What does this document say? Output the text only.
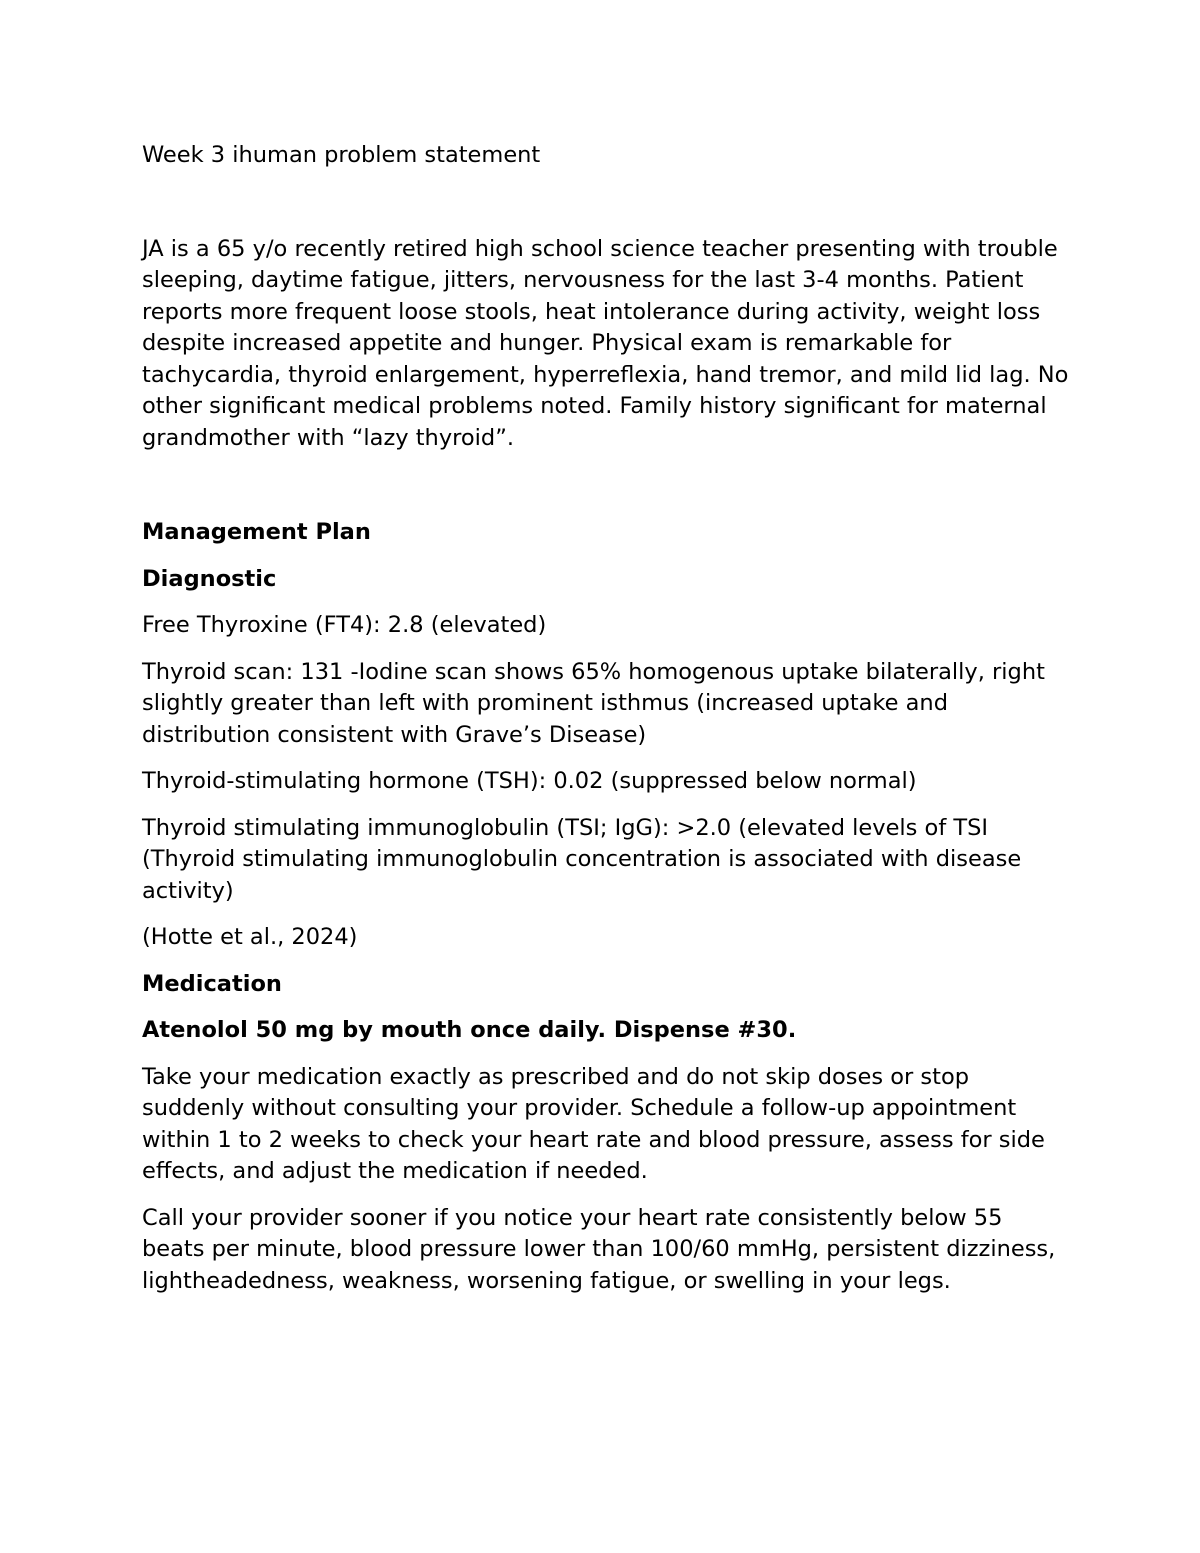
Week 3 ihuman problem statement

JA is a 65 y/o recently retired high school science teacher presenting with trouble sleeping, daytime fatigue, jitters, nervousness for the last 3-4 months. Patient reports more frequent loose stools, heat intolerance during activity, weight loss despite increased appetite and hunger. Physical exam is remarkable for tachycardia, thyroid enlargement, hyperreflexia, hand tremor, and mild lid lag. No other significant medical problems noted. Family history significant for maternal grandmother with “lazy thyroid”.

Management Plan

Diagnostic

Free Thyroxine (FT4): 2.8 (elevated)

Thyroid scan: 131 -Iodine scan shows 65% homogenous uptake bilaterally, right slightly greater than left with prominent isthmus (increased uptake and distribution consistent with Grave’s Disease)

Thyroid-stimulating hormone (TSH): 0.02 (suppressed below normal)

Thyroid stimulating immunoglobulin (TSI; IgG): >2.0 (elevated levels of TSI (Thyroid stimulating immunoglobulin concentration is associated with disease activity)

(Hotte et al., 2024)

Medication

Atenolol 50 mg by mouth once daily. Dispense #30.

Take your medication exactly as prescribed and do not skip doses or stop suddenly without consulting your provider. Schedule a follow-up appointment within 1 to 2 weeks to check your heart rate and blood pressure, assess for side effects, and adjust the medication if needed.

Call your provider sooner if you notice your heart rate consistently below 55 beats per minute, blood pressure lower than 100/60 mmHg, persistent dizziness, lightheadedness, weakness, worsening fatigue, or swelling in your legs.
